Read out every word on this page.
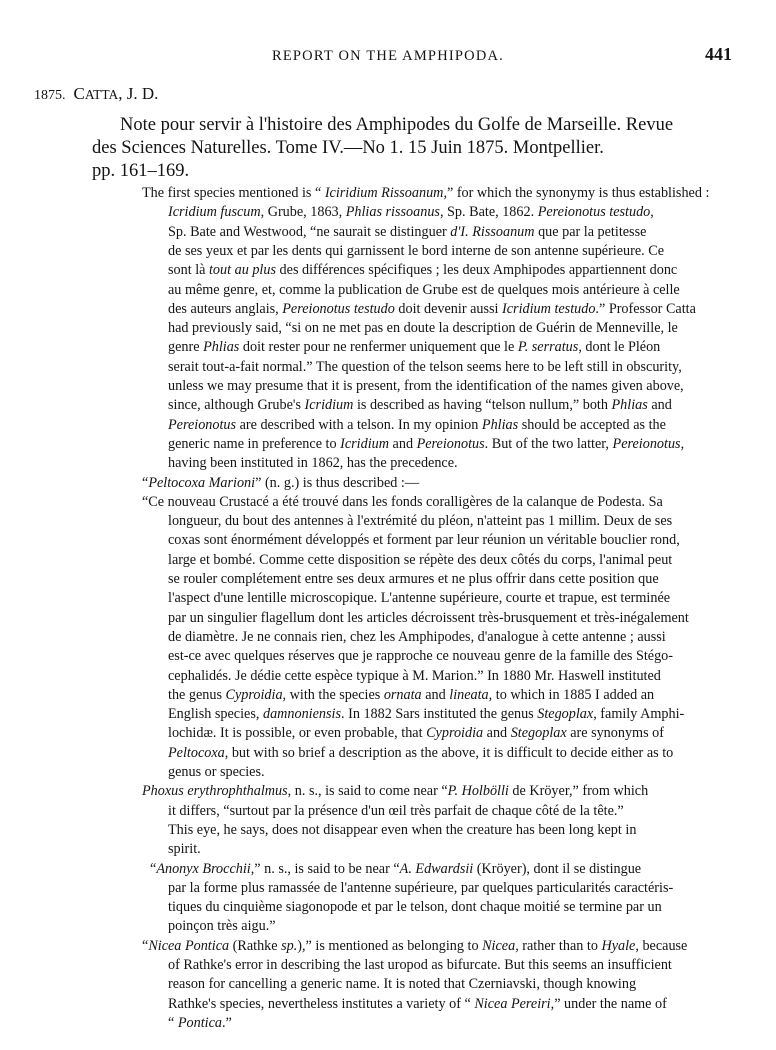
REPORT ON THE AMPHIPODA.	441
1875. CATTA, J. D.
Note pour servir à l'histoire des Amphipodes du Golfe de Marseille. Revue
des Sciences Naturelles. Tome IV.—No 1. 15 Juin 1875. Montpellier.
pp. 161–169.
The first species mentioned is “ Iciridium Rissoanum,” for which the synonymy is thus established :
Icridium fuscum, Grube, 1863, Phlias rissoanus, Sp. Bate, 1862. Pereionotus testudo,
Sp. Bate and Westwood, “ne saurait se distinguer d'I. Rissoanum que par la petitesse
de ses yeux et par les dents qui garnissent le bord interne de son antenne supérieure. Ce
sont là tout au plus des différences spécifiques ; les deux Amphipodes appartiennent donc
au même genre, et, comme la publication de Grube est de quelques mois antérieure à celle
des auteurs anglais, Pereionotus testudo doit devenir aussi Icridium testudo.” Professor Catta
had previously said, “si on ne met pas en doute la description de Guérin de Menneville, le
genre Phlias doit rester pour ne renfermer uniquement que le P. serratus, dont le Pléon
serait tout-a-fait normal.” The question of the telson seems here to be left still in obscurity,
unless we may presume that it is present, from the identification of the names given above,
since, although Grube's Icridium is described as having “telson nullum,” both Phlias and
Pereionotus are described with a telson. In my opinion Phlias should be accepted as the
generic name in preference to Icridium and Pereionotus. But of the two latter, Pereionotus,
having been instituted in 1862, has the precedence.
“Peltocoxa Marioni” (n. g.) is thus described :—
“Ce nouveau Crustacé a été trouvé dans les fonds coralligères de la calanque de Podesta. Sa
longueur, du bout des antennes à l'extrémité du pléon, n'atteint pas 1 millim. Deux de ses
coxas sont énormément développés et forment par leur réunion un véritable bouclier rond,
large et bombé. Comme cette disposition se répète des deux côtés du corps, l'animal peut
se rouler complétement entre ses deux armures et ne plus offrir dans cette position que
l'aspect d'une lentille microscopique. L'antenne supérieure, courte et trapue, est terminée
par un singulier flagellum dont les articles décroissent très-brusquement et très-inégalement
de diamètre. Je ne connais rien, chez les Amphipodes, d'analogue à cette antenne ; aussi
est-ce avec quelques réserves que je rapproche ce nouveau genre de la famille des Stégo-
cephalidés. Je dédie cette espèce typique à M. Marion.” In 1880 Mr. Haswell instituted
the genus Cyproidia, with the species ornata and lineata, to which in 1885 I added an
English species, damnoniensis. In 1882 Sars instituted the genus Stegoplax, family Amphi-
lochidæ. It is possible, or even probable, that Cyproidia and Stegoplax are synonyms of
Peltocoxa, but with so brief a description as the above, it is difficult to decide either as to
genus or species.
Phoxus erythrophthalmus, n. s., is said to come near “P. Holbölli de Kröyer,” from which
it differs, “surtout par la présence d'un œil très parfait de chaque côté de la tête.”
This eye, he says, does not disappear even when the creature has been long kept in
spirit.
“Anonyx Brocchii,” n. s., is said to be near “A. Edwardsii (Kröyer), dont il se distingue
par la forme plus ramassée de l'antenne supérieure, par quelques particularités caractéris-
tiques du cinquième siagonopode et par le telson, dont chaque moitié se termine par un
poinçon très aigu.”
“Nicea Pontica (Rathke sp.),” is mentioned as belonging to Nicea, rather than to Hyale, because
of Rathke's error in describing the last uropod as bifurcate. But this seems an insufficient
reason for cancelling a generic name. It is noted that Czerniavski, though knowing
Rathke's species, nevertheless institutes a variety of “ Nicea Pereiri,” under the name of
“ Pontica.”
